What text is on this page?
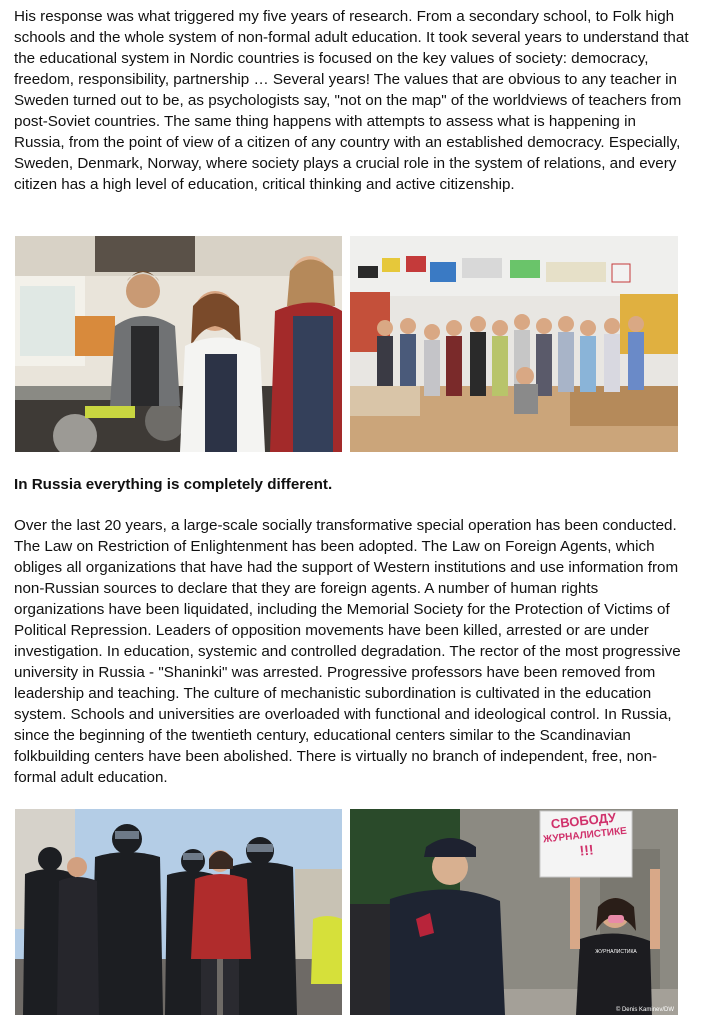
His response was what triggered my five years of research. From a secondary school, to Folk high schools and the whole system of non-formal adult education. It took several years to understand that the educational system in Nordic countries is focused on the key values of society: democracy, freedom, responsibility, partnership … Several years! The values that are obvious to any teacher in Sweden turned out to be, as psychologists say, "not on the map" of the worldviews of teachers from post-Soviet countries. The same thing happens with attempts to assess what is happening in Russia, from the point of view of a citizen of any country with an established democracy. Especially, Sweden, Denmark, Norway, where society plays a crucial role in the system of relations, and every citizen has a high level of education, critical thinking and active citizenship.

In Russia everything is completely different.

Over the last 20 years, a large-scale socially transformative special operation has been conducted. The Law on Restriction of Enlightenment has been adopted. The Law on Foreign Agents, which obliges all organizations that have had the support of Western institutions and use information from non-Russian sources to declare that they are foreign agents. A number of human rights organizations have been liquidated, including the Memorial Society for the Protection of Victims of Political Repression. Leaders of opposition movements have been killed, arrested or are under investigation. In education, systemic and controlled degradation. The rector of the most progressive university in Russia - "Shaninki" was arrested. Progressive professors have been removed from leadership and teaching. The culture of mechanistic subordination is cultivated in the education system. Schools and universities are overloaded with functional and ideological control. In Russia, since the beginning of the twentieth century, educational centers similar to the Scandinavian folkbuilding centers have been abolished. There is virtually no branch of independent, free, non-formal adult education.

СВОБОДУ
ЖУРНАЛИСТИКЕ
!!!
ЖУРНАЛИСТИКА
© Denis Kaminev/DW
